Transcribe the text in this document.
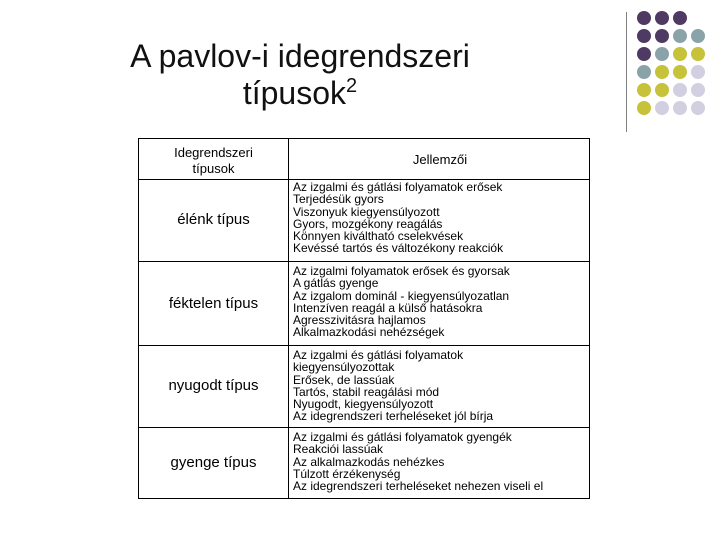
A pavlov-i idegrendszeri
típusok$^2$
Idegrendszeri
típusok
Jellemzői
élénk típus
féktelen típus
nyugodt típus
gyenge típus
Az izgalmi és gátlási folyamatok erősek
Terjedésük gyors
Viszonyuk kiegyensúlyozott
Gyors, mozgékony reagálás
Könnyen kiváltható cselekvések
Kevéssé tartós és változékony reakciók
Az izgalmi folyamatok erősek és gyorsak
A gátlás gyenge
Az izgalom dominál - kiegyensúlyozatlan
Intenzíven reagál a külső hatásokra
Agresszivitásra hajlamos
Alkalmazkodási nehézségek
Az izgalmi és gátlási folyamatok
kiegyensúlyozottak
Erősek, de lassúak
Tartós, stabil reagálási mód
Nyugodt, kiegyensúlyozott
Az idegrendszeri terheléseket jól bírja
Az izgalmi és gátlási folyamatok gyengék
Reakciói lassúak
Az alkalmazkodás nehézkes
Túlzott érzékenység
Az idegrendszeri terheléseket nehezen viseli el
